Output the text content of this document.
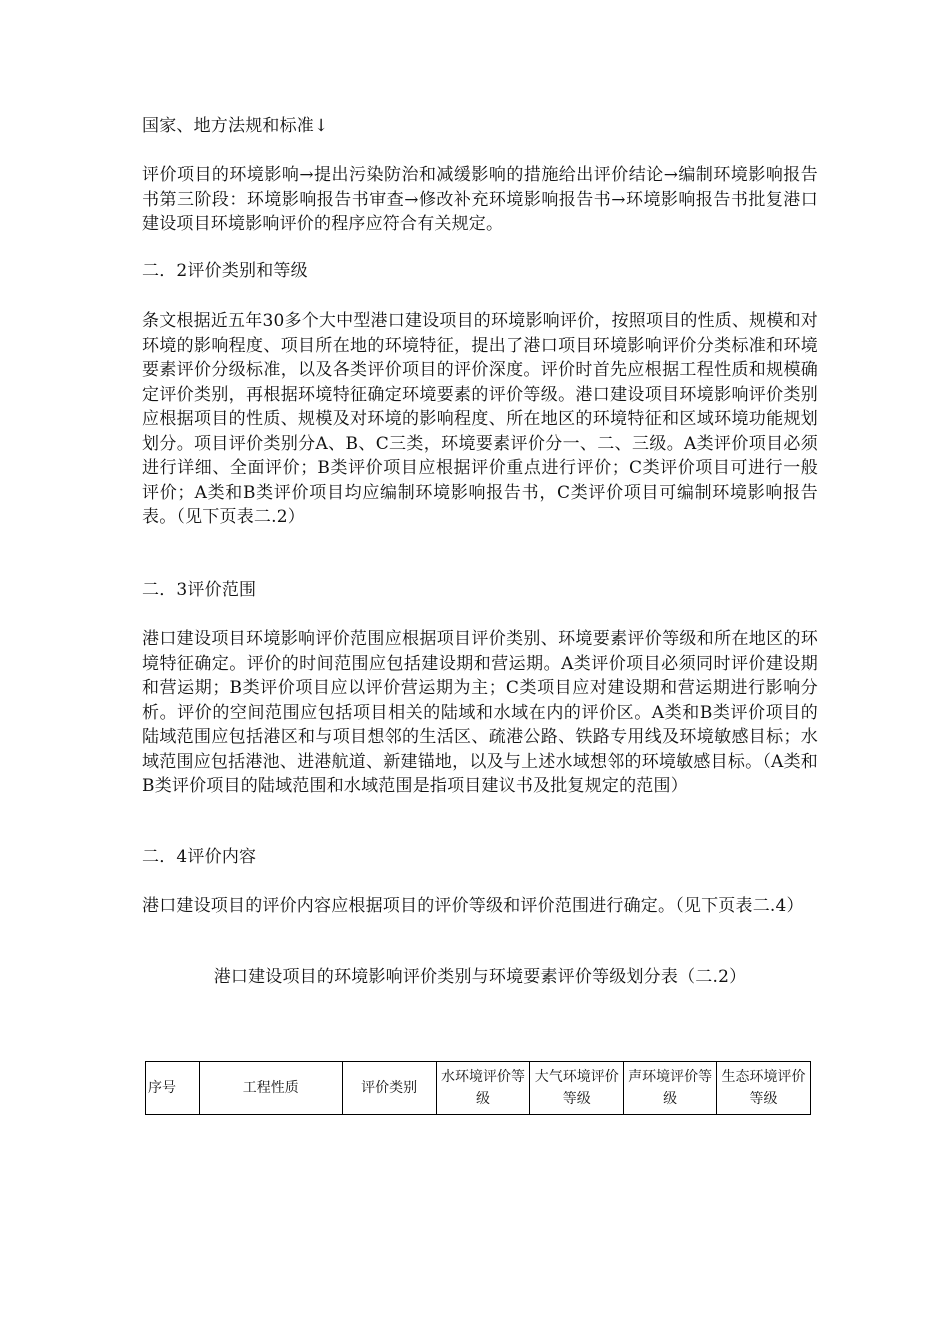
国家、地方法规和标准↓
评价项目的环境影响→提出污染防治和减缓影响的措施给出评价结论→编制环境影响报告书第三阶段：环境影响报告书审查→修改补充环境影响报告书→环境影响报告书批复港口建设项目环境影响评价的程序应符合有关规定。
二．2评价类别和等级
条文根据近五年30多个大中型港口建设项目的环境影响评价，按照项目的性质、规模和对环境的影响程度、项目所在地的环境特征，提出了港口项目环境影响评价分类标准和环境要素评价分级标准，以及各类评价项目的评价深度。评价时首先应根据工程性质和规模确定评价类别，再根据环境特征确定环境要素的评价等级。港口建设项目环境影响评价类别应根据项目的性质、规模及对环境的影响程度、所在地区的环境特征和区域环境功能规划划分。项目评价类别分A、B、C三类，环境要素评价分一、二、三级。A类评价项目必须进行详细、全面评价；B类评价项目应根据评价重点进行评价；C类评价项目可进行一般评价；A类和B类评价项目均应编制环境影响报告书，C类评价项目可编制环境影响报告表。（见下页表二.2）
二．3评价范围
港口建设项目环境影响评价范围应根据项目评价类别、环境要素评价等级和所在地区的环境特征确定。评价的时间范围应包括建设期和营运期。A类评价项目必须同时评价建设期和营运期；B类评价项目应以评价营运期为主；C类项目应对建设期和营运期进行影响分析。评价的空间范围应包括项目相关的陆域和水域在内的评价区。A类和B类评价项目的陆域范围应包括港区和与项目想邻的生活区、疏港公路、铁路专用线及环境敏感目标；水域范围应包括港池、进港航道、新建锚地，以及与上述水域想邻的环境敏感目标。（A类和B类评价项目的陆域范围和水域范围是指项目建议书及批复规定的范围）
二．4评价内容
港口建设项目的评价内容应根据项目的评价等级和评价范围进行确定。（见下页表二.4）
港口建设项目的环境影响评价类别与环境要素评价等级划分表（二.2）
序号	工程性质	评价类别	水环境评价等级	大气环境评价等级	声环境评价等级	生态环境评价等级
